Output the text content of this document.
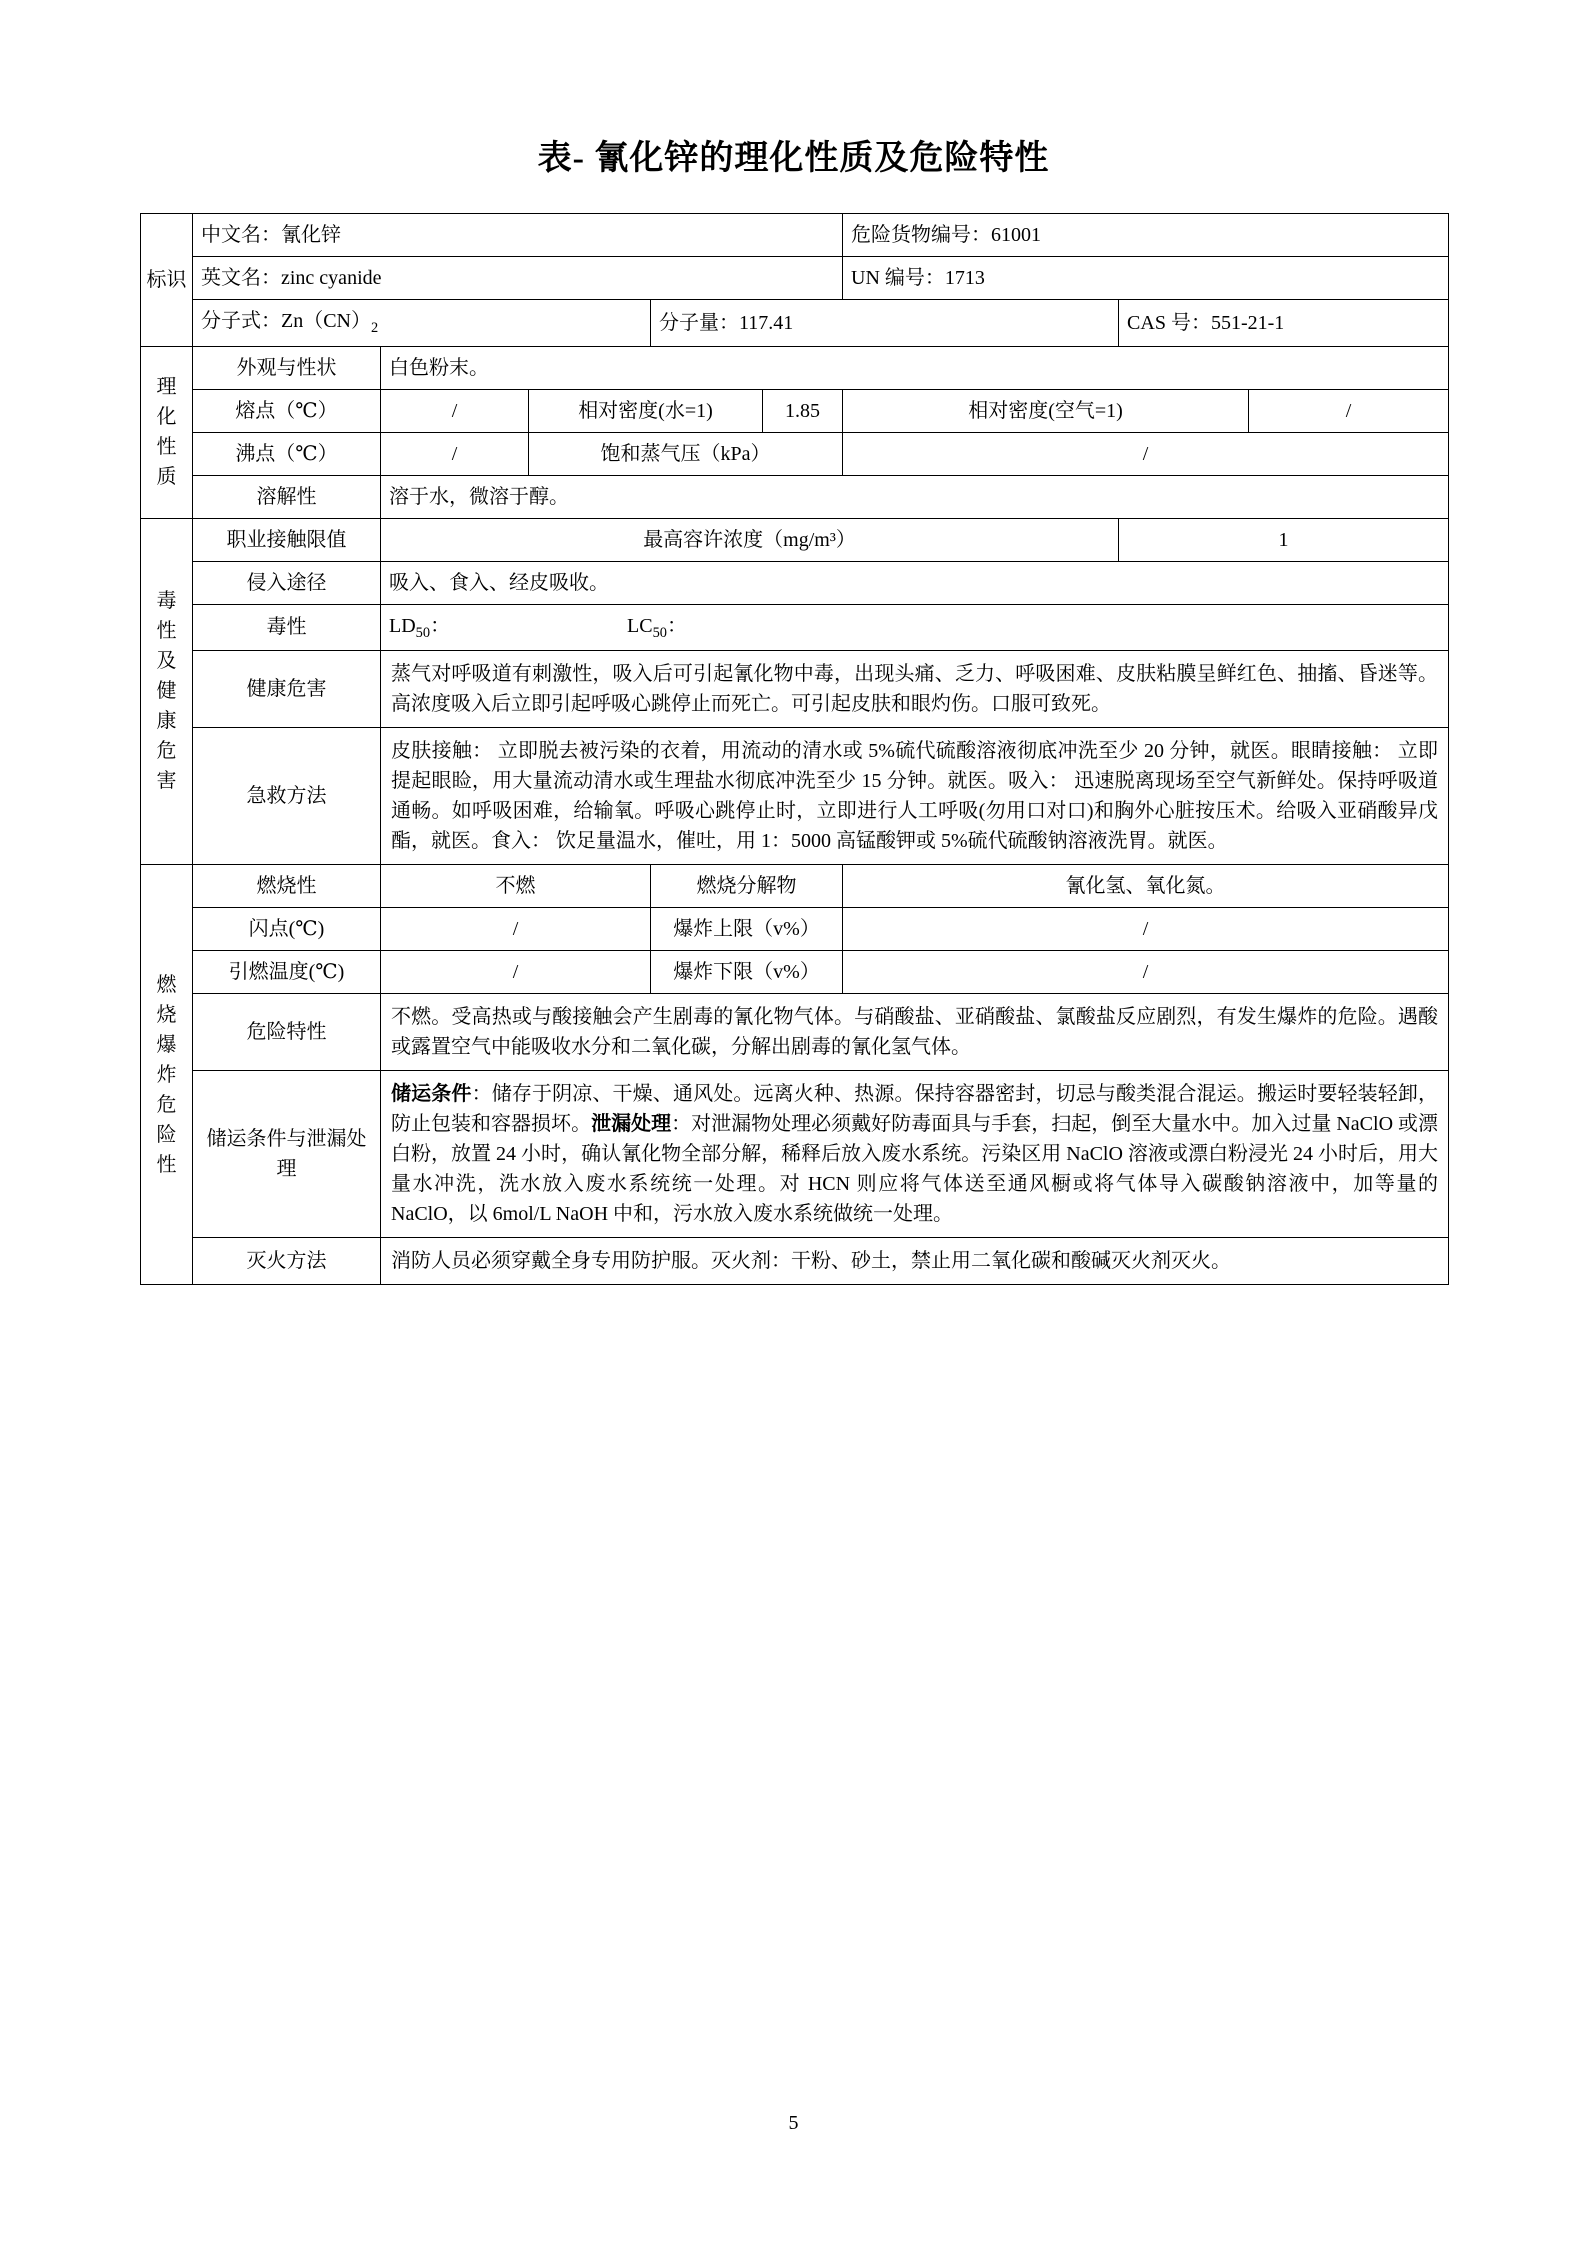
表- 氰化锌的理化性质及危险特性
标识	中文名：氰化锌					危险货物编号：61001		
	英文名：zinc cyanide					UN 编号：1713		
	分子式：$Zn(CN)_2$			分子量：117.41			CAS 号：551-21-1	

理
化
性
质	外观与性状	白色粉末。						
	熔点（℃）	/	相对密度(水=1)		1.85	相对密度(空气=1)		/
	沸点（℃）	/	饱和蒸气压（kPa）			/		
	溶解性	溶于水，微溶于醇。						

毒
性
及
健
康
危
害
	职业接触限值	最高容许浓度（mg/m³）	1
	侵入途径	吸入、食入、经皮吸收。						
	毒性	$LD_{50}$： $LC_{50}$：						
	健康危害	蒸气对呼吸道有刺激性，吸入后可引起氰化物中毒，出现头痛、乏力、呼吸困难、皮肤粘膜呈鲜红色、抽搐、昏迷等。高浓度吸入后立即引起呼吸心跳停止而死亡。可引起皮肤和眼灼伤。口服可致死。						
	急救方法	皮肤接触： 立即脱去被污染的衣着，用流动的清水或 5%硫代硫酸溶液彻底冲洗至少 20 分钟，就医。眼睛接触： 立即提起眼睑，用大量流动清水或生理盐水彻底冲洗至少 15 分钟。就医。吸入： 迅速脱离现场至空气新鲜处。保持呼吸道通畅。如呼吸困难，给输氧。呼吸心跳停止时，立即进行人工呼吸(勿用口对口)和胸外心脏按压术。给吸入亚硝酸异戊酯，就医。食入： 饮足量温水，催吐，用 1：5000 高锰酸钾或 5%硫代硫酸钠溶液洗胃。就医。						

燃
烧
爆
炸
危
险
性
	燃烧性	不燃	燃烧分解物	氰化氢、氧化氮。
	闪点(℃)	/		爆炸上限（v%）		/		
	引燃温度(℃)	/		爆炸下限（v%）		/		
	危险特性	不燃。受高热或与酸接触会产生剧毒的氰化物气体。与硝酸盐、亚硝酸盐、氯酸盐反应剧烈，有发生爆炸的危险。遇酸或露置空气中能吸收水分和二氧化碳，分解出剧毒的氰化氢气体。						
	储运条件与泄漏处理	储运条件：储存于阴凉、干燥、通风处。远离火种、热源。保持容器密封，切忌与酸类混合混运。搬运时要轻装轻卸，防止包装和容器损坏。泄漏处理：对泄漏物处理必须戴好防毒面具与手套，扫起，倒至大量水中。加入过量 NaClO 或漂白粉，放置 24 小时，确认氰化物全部分解，稀释后放入废水系统。污染区用 NaClO 溶液或漂白粉浸光 24 小时后，用大量水冲洗，洗水放入废水系统统一处理。对 HCN 则应将气体送至通风橱或将气体导入碳酸钠溶液中，加等量的 NaClO，以 6mol/L NaOH 中和，污水放入废水系统做统一处理。						
	灭火方法	消防人员必须穿戴全身专用防护服。灭火剂：干粉、砂土，禁止用二氧化碳和酸碱灭火剂灭火。						
5
